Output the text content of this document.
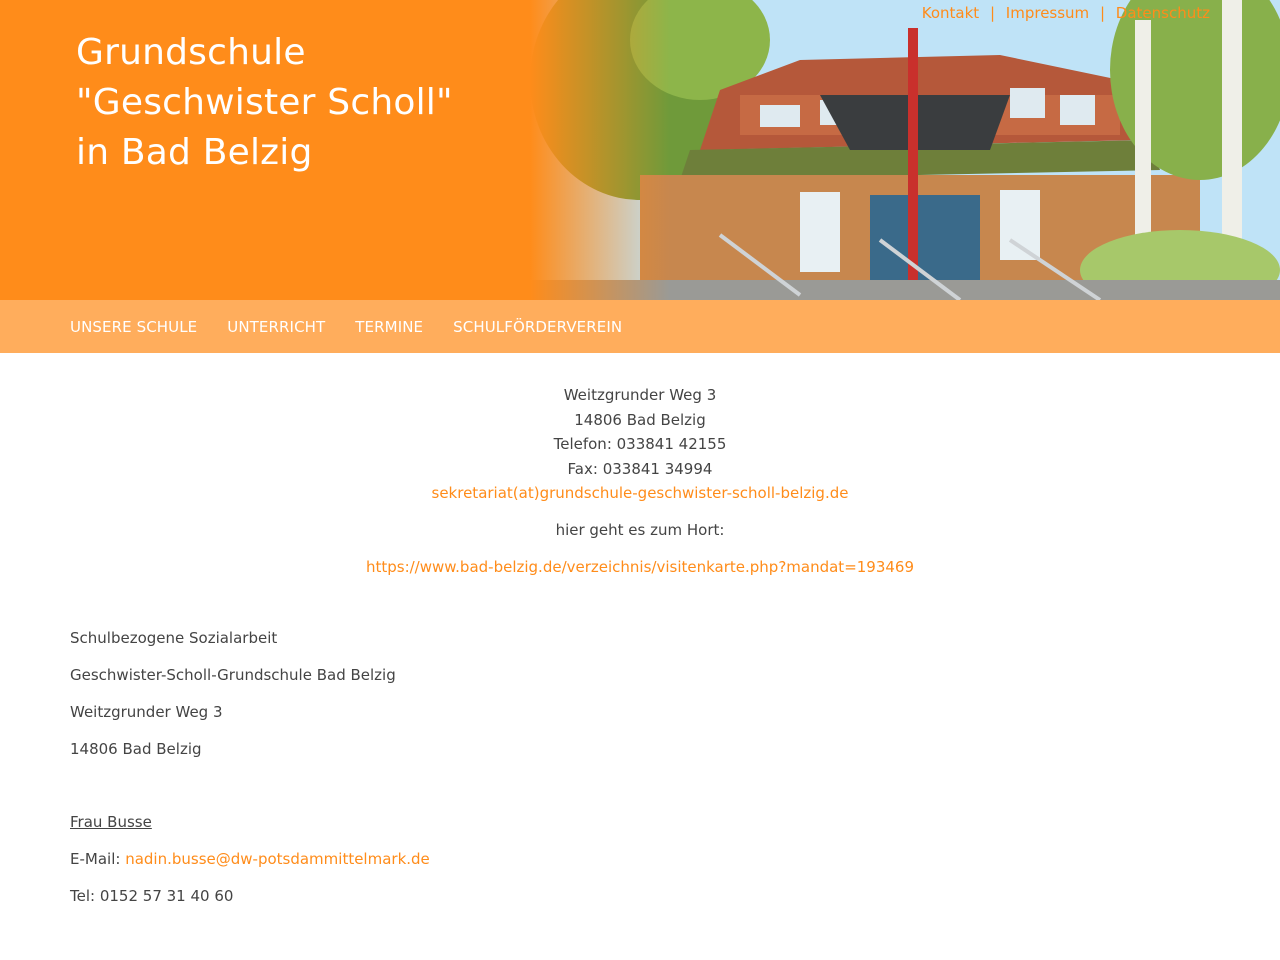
Grundschule
"Geschwister Scholl"
in Bad Belzig
Kontakt | Impressum | Datenschutz
UNSERE SCHULE UNTERRICHT TERMINE SCHULFÖRDERVEREIN
Weitzgrunder Weg 3
14806 Bad Belzig
Telefon: 033841 42155
Fax: 033841 34994
sekretariat(at)grundschule-geschwister-scholl-belzig.de

hier geht es zum Hort:

https://www.bad-belzig.de/verzeichnis/visitenkarte.php?mandat=193469

Schulbezogene Sozialarbeit

Geschwister-Scholl-Grundschule Bad Belzig

Weitzgrunder Weg 3

14806 Bad Belzig

Frau Busse

E-Mail: nadin.busse@dw-potsdammittelmark.de

Tel: 0152 57 31 40 60
